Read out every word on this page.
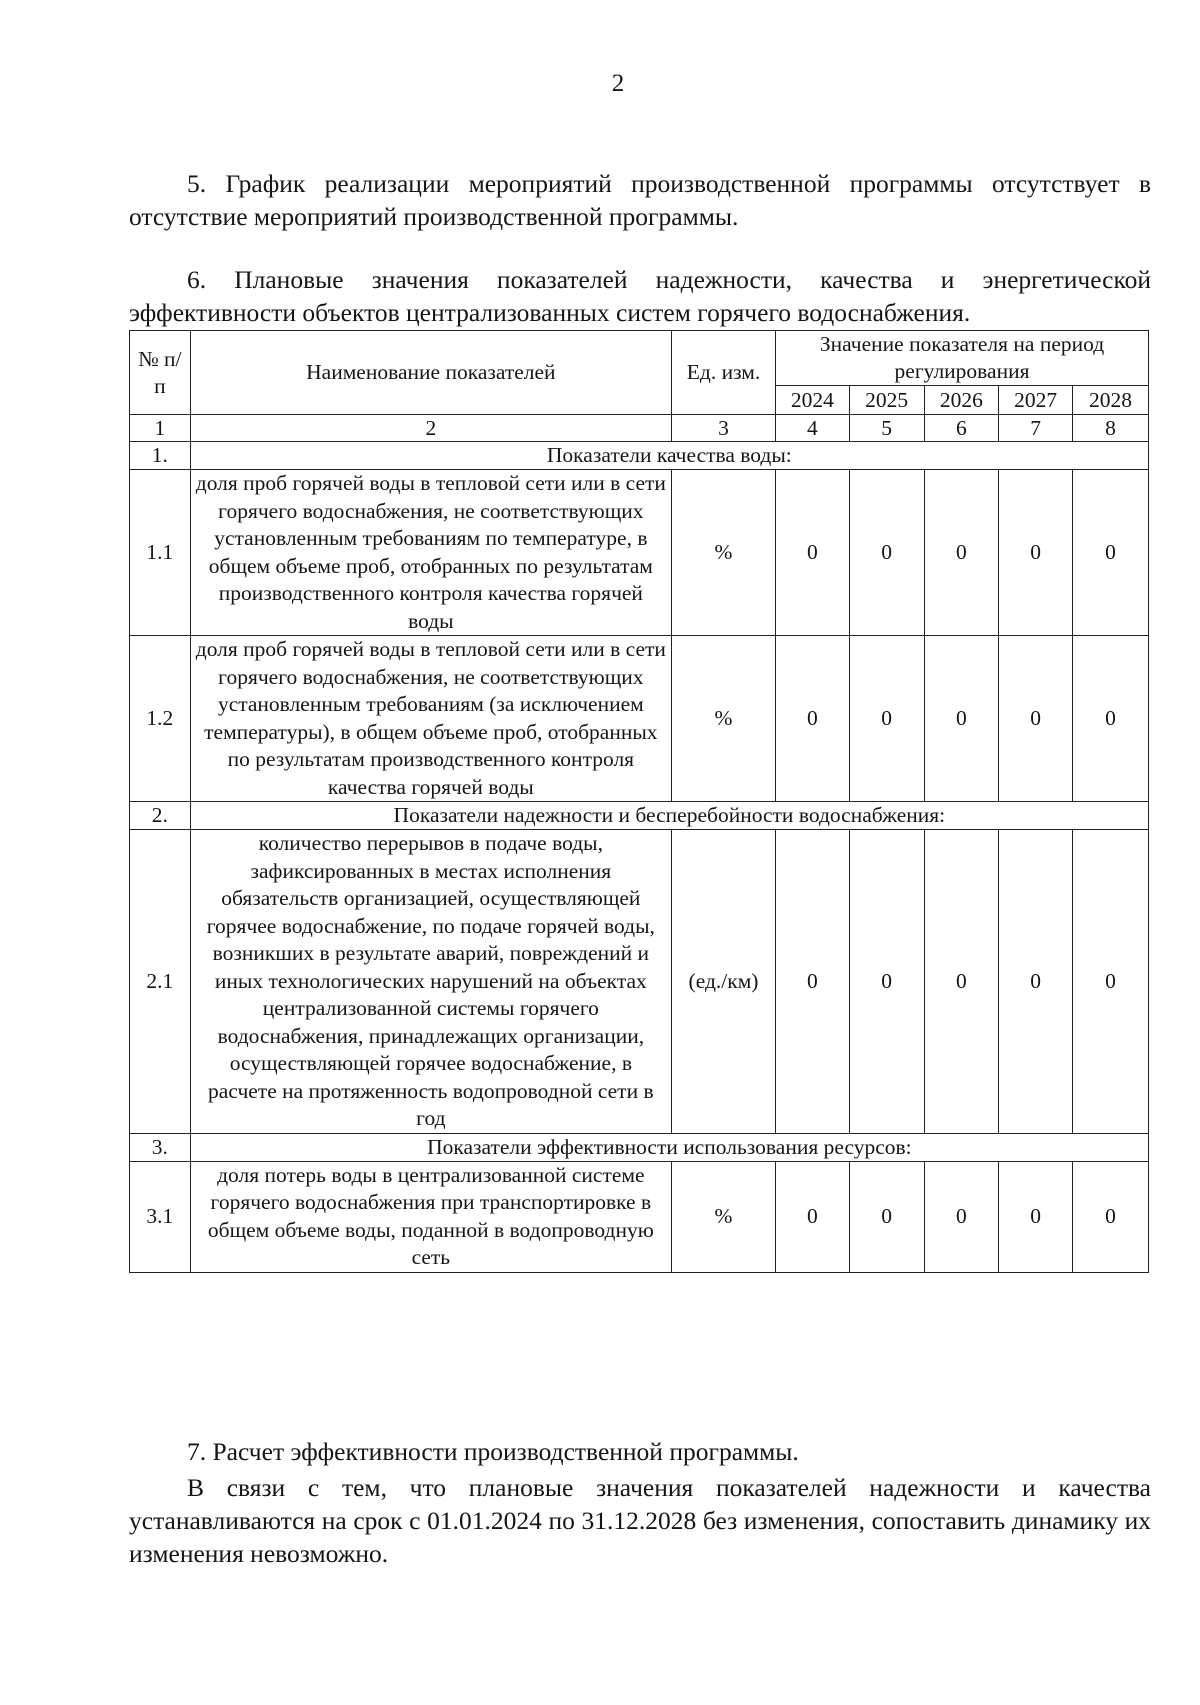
2

5. График реализации мероприятий производственной программы отсутствует в отсутствие мероприятий производственной программы.

6. Плановые значения показателей надежности, качества и энергетической эффективности объектов централизованных систем горячего водоснабжения.

№ п/п	Наименование показателей	Ед. изм.	Значение показателя на период регулирования				
			2024	2025	2026	2027	2028
1	2	3	4	5	6	7	8
1.	Показатели качества воды:						
1.1	доля проб горячей воды в тепловой сети или в сети горячего водоснабжения, не соответствующих установленным требованиям по температуре, в общем объеме проб, отобранных по результатам производственного контроля качества горячей воды	%	0	0	0	0	0
1.2	доля проб горячей воды в тепловой сети или в сети горячего водоснабжения, не соответствующих установленным требованиям (за исключением температуры), в общем объеме проб, отобранных по результатам производственного контроля качества горячей воды	%	0	0	0	0	0
2.	Показатели надежности и бесперебойности водоснабжения:						
2.1	количество перерывов в подаче воды, зафиксированных в местах исполнения обязательств организацией, осуществляющей горячее водоснабжение, по подаче горячей воды, возникших в результате аварий, повреждений и иных технологических нарушений на объектах централизованной системы горячего водоснабжения, принадлежащих организации, осуществляющей горячее водоснабжение, в расчете на протяженность водопроводной сети в год	(ед./км)	0	0	0	0	0
3.	Показатели эффективности использования ресурсов:						
3.1	доля потерь воды в централизованной системе горячего водоснабжения при транспортировке в общем объеме воды, поданной в водопроводную сеть	%	0	0	0	0	0

7. Расчет эффективности производственной программы.

В связи с тем, что плановые значения показателей надежности и качества устанавливаются на срок с 01.01.2024 по 31.12.2028 без изменения, сопоставить динамику их изменения невозможно.
